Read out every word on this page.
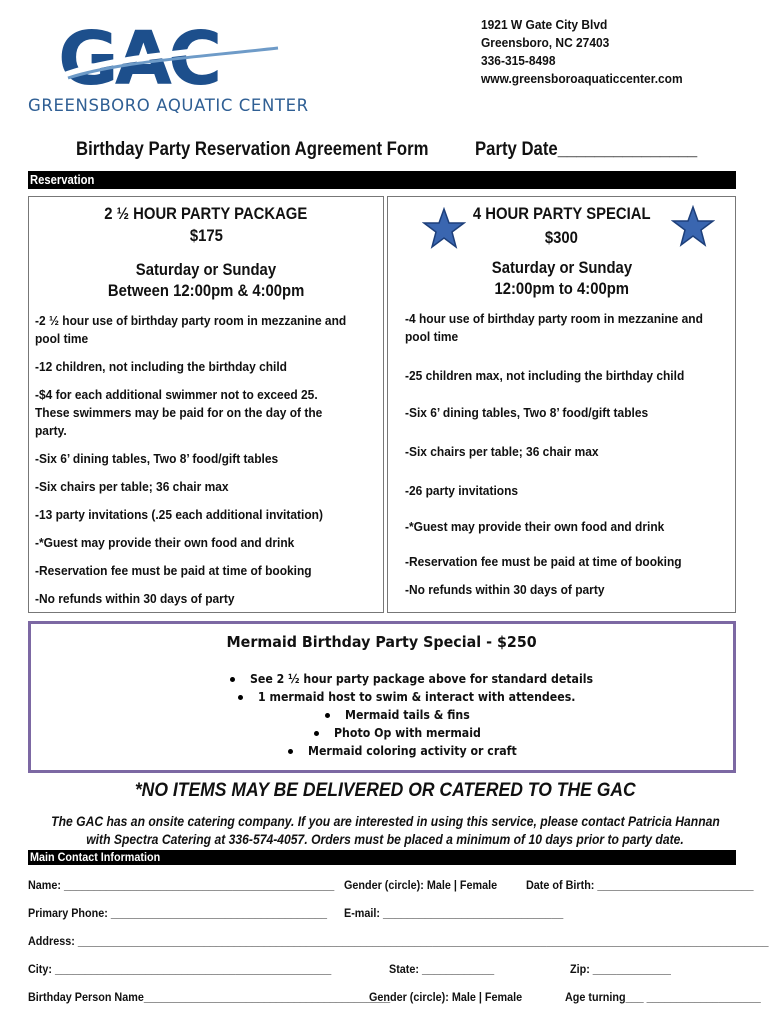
GAC
GREENSBORO AQUATIC CENTER
1921 W Gate City Blvd
Greensboro, NC 27403
336-315-8498
www.greensboroaquaticcenter.com
Birthday Party Reservation Agreement Form Party Date_______________
Reservation
2 ½ HOUR PARTY PACKAGE
$175
Saturday or Sunday
Between 12:00pm & 4:00pm
-2 ½ hour use of birthday party room in mezzanine and
pool time
-12 children, not including the birthday child
-$4 for each additional swimmer not to exceed 25.
These swimmers may be paid for on the day of the
party.
-Six 6’ dining tables, Two 8’ food/gift tables
-Six chairs per table; 36 chair max
-13 party invitations (.25 each additional invitation)
-*Guest may provide their own food and drink
-Reservation fee must be paid at time of booking
-No refunds within 30 days of party
4 HOUR PARTY SPECIAL
$300
Saturday or Sunday
12:00pm to 4:00pm
-4 hour use of birthday party room in mezzanine and
pool time
-25 children max, not including the birthday child
-Six 6’ dining tables, Two 8’ food/gift tables
-Six chairs per table; 36 chair max
-26 party invitations
-*Guest may provide their own food and drink
-Reservation fee must be paid at time of booking
-No refunds within 30 days of party
Mermaid Birthday Party Special - $250
See 2 ½ hour party package above for standard details
1 mermaid host to swim & interact with attendees.
Mermaid tails & fins
Photo Op with mermaid
Mermaid coloring activity or craft
*NO ITEMS MAY BE DELIVERED OR CATERED TO THE GAC
The GAC has an onsite catering company. If you are interested in using this service, please contact Patricia Hannan
with Spectra Catering at 336-574-4057. Orders must be placed a minimum of 10 days prior to party date.
Main Contact Information
Name: _____________________________________________ Gender (circle): Male | Female	Date of Birth: __________________________
Primary Phone: ____________________________________	E-mail: ______________________________
Address: ___________________________________________________________________________________________________________________
City: ______________________________________________	State: ____________	Zip: _____________
Birthday Person Name_________________________________________
Gender (circle): Male | Female	Age turning___ ___________________
